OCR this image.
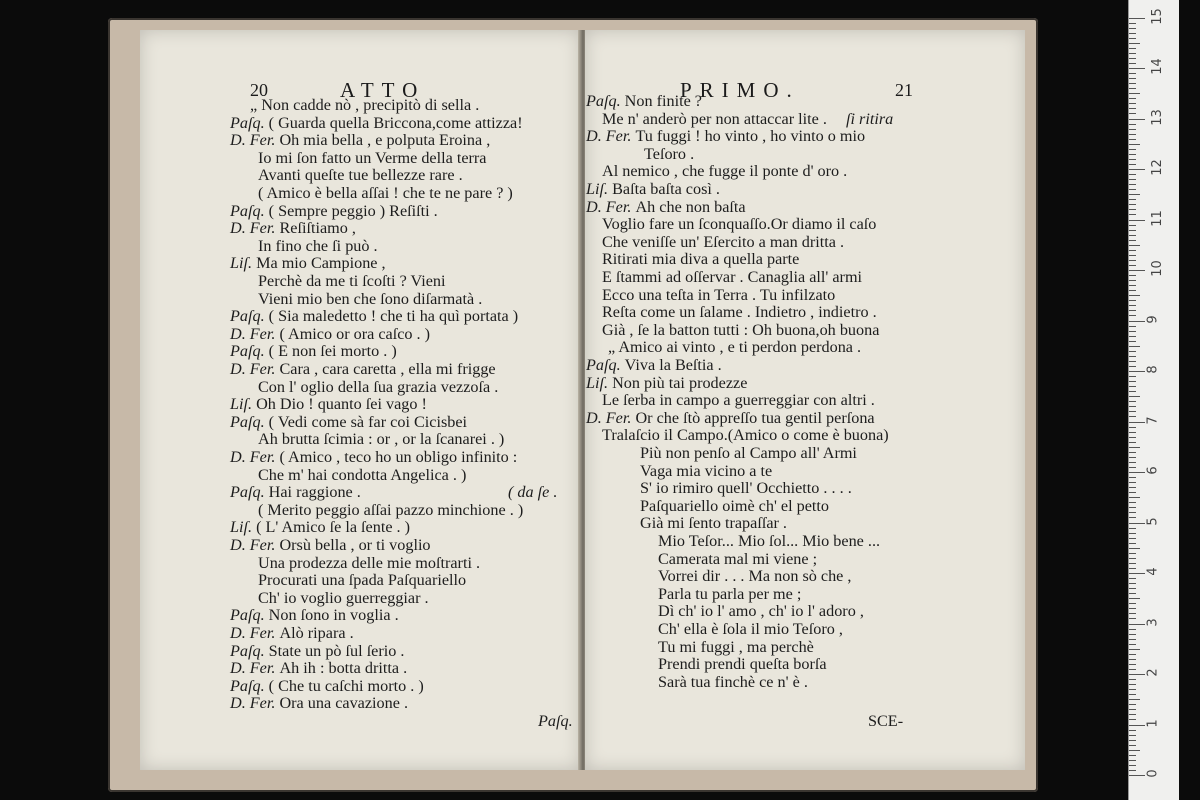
20	ATTO	PRIMO.	21
„ Non cadde nò , precipitò di sella .
Paſq. ( Guarda quella Briccona,come attizza!
D. Fer. Oh mia bella , e polputa Eroina ,
Io mi ſon fatto un Verme della terra
Avanti queſte tue bellezze rare .
( Amico è bella aſſai ! che te ne pare ? )
Paſq. ( Sempre peggio ) Reſiſti .
D. Fer. Reſiſtiamo ,
In fino che ſi può .
Liſ. Ma mio Campione ,
Perchè da me ti ſcoſti ? Vieni
Vieni mio ben che ſono diſarmatà .
Paſq. ( Sia maledetto ! che ti ha quì portata )
D. Fer. ( Amico or ora caſco . )
Paſq. ( E non ſei morto . )
D. Fer. Cara , cara caretta , ella mi frigge
Con l' oglio della ſua grazia vezzoſa .
Liſ. Oh Dio ! quanto ſei vago !
Paſq. ( Vedi come sà far coi Cicisbei
Ah brutta ſcimia : or , or la ſcanarei . )
D. Fer. ( Amico , teco ho un obligo infinito :
Che m' hai condotta Angelica . )
Paſq. Hai raggione .	( da ſe .
( Merito peggio aſſai pazzo minchione . )
Liſ. ( L' Amico ſe la ſente . )
D. Fer. Orsù bella , or ti voglio
Una prodezza delle mie moſtrarti .
Procurati una ſpada Paſquariello
Ch' io voglio guerreggiar .
Paſq. Non ſono in voglia .
D. Fer. Alò ripara .
Paſq. State un pò ſul ſerio .
D. Fer. Ah ih : botta dritta .
Paſq. ( Che tu caſchi morto . )
D. Fer. Ora una cavazione .
Paſq. Non finite ?
Me n' anderò per non attaccar lite . ſi ritira
D. Fer. Tu fuggi ! ho vinto , ho vinto o mio
Teſoro .
Al nemico , che fugge il ponte d' oro .
Liſ. Baſta baſta così .
D. Fer. Ah che non baſta
Voglio fare un ſconquaſſo.Or diamo il caſo
Che veniſſe un' Eſercito a man dritta .
Ritirati mia diva a quella parte
E ſtammi ad oſſervar . Canaglia all' armi
Ecco una teſta in Terra . Tu infilzato
Reſta come un ſalame . Indietro , indietro .
Già , ſe la batton tutti : Oh buona,oh buona
„ Amico ai vinto , e ti perdon perdona .
Paſq. Viva la Beſtia .
Liſ. Non più tai prodezze
Le ſerba in campo a guerreggiar con altri .
D. Fer. Or che ſtò appreſſo tua gentil perſona
Tralaſcio il Campo.(Amico o come è buona)
Più non penſo al Campo all' Armi
Vaga mia vicino a te
S' io rimiro quell' Occhietto . . . .
Paſquariello oimè ch' el petto
Già mi ſento trapaſſar .
Mio Teſor... Mio ſol... Mio bene ...
Camerata mal mi viene ;
Vorrei dir . . . Ma non sò che ,
Parla tu parla per me ;
Dì ch' io l' amo , ch' io l' adoro ,
Ch' ella è ſola il mio Teſoro ,
Tu mi fuggi , ma perchè
Prendi prendi queſta borſa
Sarà tua finchè ce n' è .
Paſq.	SCE-
0
1
2
3
4
5
6
7
8
9
10
11
12
13
14
15
